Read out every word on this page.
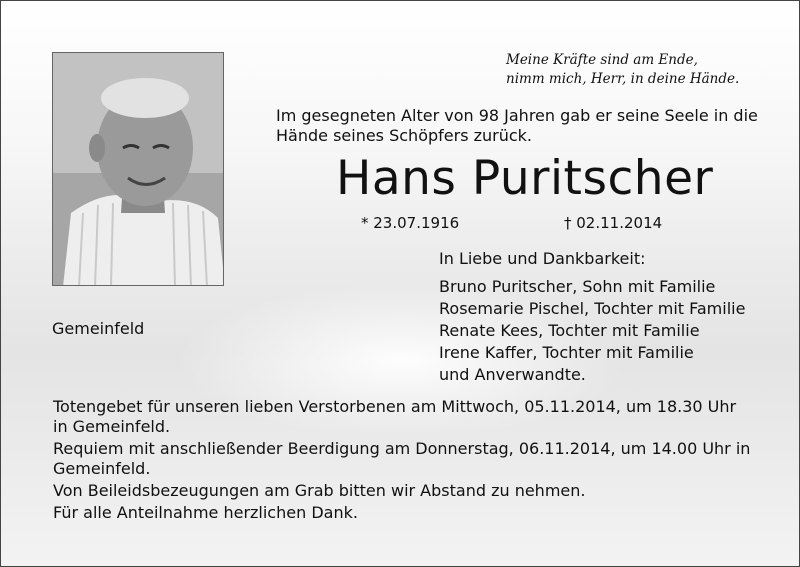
Meine Kräfte sind am Ende,
nimm mich, Herr, in deine Hände.
Im gesegneten Alter von 98 Jahren gab er seine Seele in die
Hände seines Schöpfers zurück.
Hans Puritscher
* 23.07.1916	† 02.11.2014
In Liebe und Dankbarkeit:
Bruno Puritscher, Sohn mit Familie
Rosemarie Pischel, Tochter mit Familie
Renate Kees, Tochter mit Familie
Irene Kaffer, Tochter mit Familie
und Anverwandte.
Gemeinfeld
Totengebet für unseren lieben Verstorbenen am Mittwoch, 05.11.2014, um 18.30 Uhr
in Gemeinfeld.
Requiem mit anschließender Beerdigung am Donnerstag, 06.11.2014, um 14.00 Uhr in
Gemeinfeld.
Von Beileidsbezeugungen am Grab bitten wir Abstand zu nehmen.
Für alle Anteilnahme herzlichen Dank.
